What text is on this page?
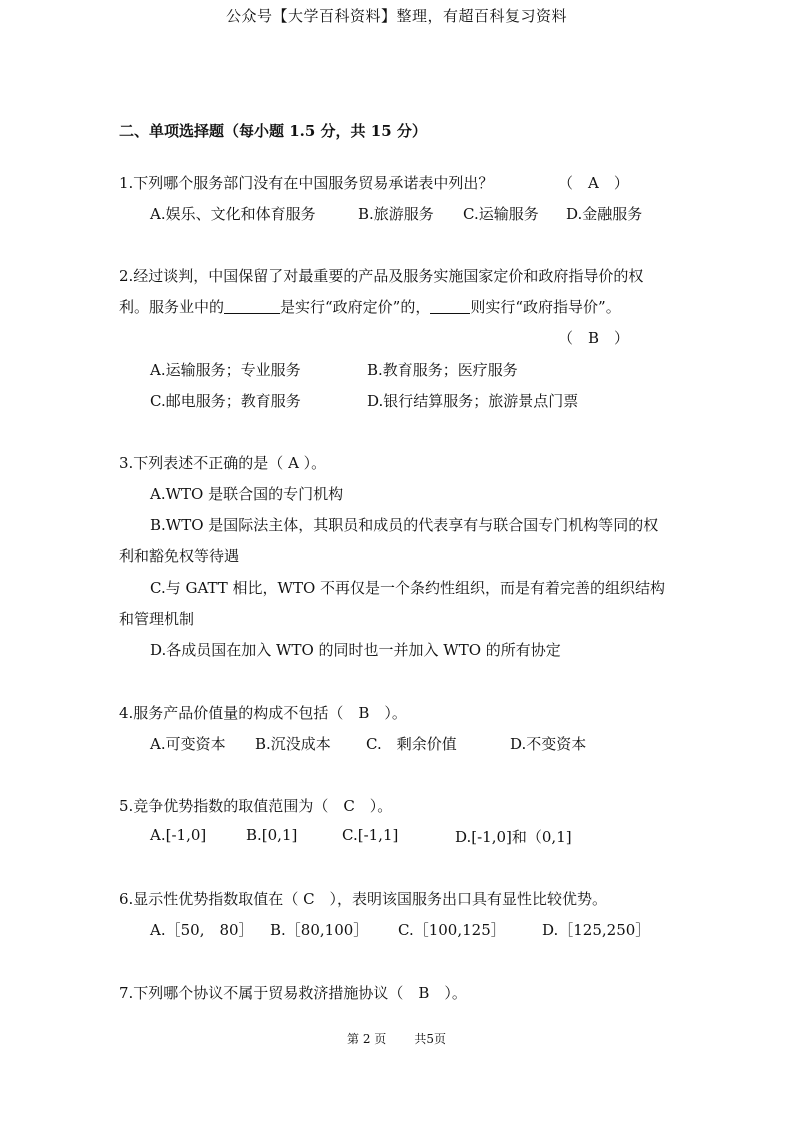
公众号【大学百科资料】整理，有超百科复习资料
二、单项选择题（每小题 1.5 分，共 15 分）
1.下列哪个服务部门没有在中国服务贸易承诺表中列出？	（　A　）
A.娱乐、文化和体育服务	B.旅游服务 C.运输服务 D.金融服务
2.经过谈判，中国保留了对最重要的产品及服务实施国家定价和政府指导价的权
利。服务业中的	是实行“政府定价”的，	则实行“政府指导价”。
（　B　）
A.运输服务；专业服务	B.教育服务；医疗服务
C.邮电服务；教育服务	D.银行结算服务；旅游景点门票
3.下列表述不正确的是（ A ）。
A.WTO 是联合国的专门机构
B.WTO 是国际法主体，其职员和成员的代表享有与联合国专门机构等同的权
利和豁免权等待遇
C.与 GATT 相比，WTO 不再仅是一个条约性组织，而是有着完善的组织结构
和管理机制
D.各成员国在加入 WTO 的同时也一并加入 WTO 的所有协定
4.服务产品价值量的构成不包括（　B　）。
A.可变资本 B.沉没成本 C.　剩余价值	D.不变资本
5.竞争优势指数的取值范围为（　C　）。
A.[-1,0]	B.[0,1]	C.[-1,1]	D.[-1,0]和（0,1]
6.显示性优势指数取值在（ C　），表明该国服务出口具有显性比较优势。
A.［50,　80］ B.［80,100］ C.［100,125］ D.［125,250］
7.下列哪个协议不属于贸易救济措施协议（　B　）。
第 2 页 共5页
